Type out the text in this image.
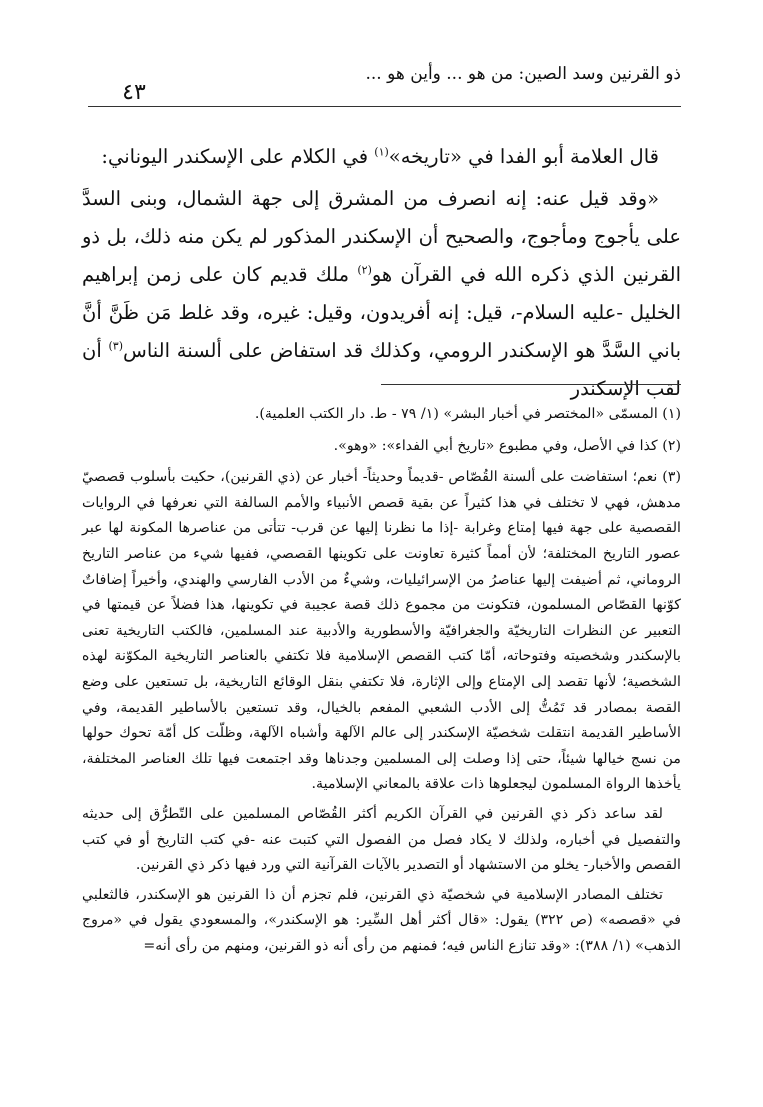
ذو القرنين وسد الصين: من هو ... وأين هو ...
٤٣

قال العلامة أبو الفدا في «تاريخه»$^{(١)}$ في الكلام على الإسكندر اليوناني:

«وقد قيل عنه: إنه انصرف من المشرق إلى جهة الشمال، وبنى السدَّ على يأجوج ومأجوج، والصحيح أن الإسكندر المذكور لم يكن منه ذلك، بل ذو القرنين الذي ذكره الله في القرآن هو$^{(٢)}$ ملك قديم كان على زمن إبراهيم الخليل -عليه السلام-، قيل: إنه أفريدون، وقيل: غيره، وقد غلط مَن ظَنَّ أنَّ باني السَّدَّ هو الإسكندر الرومي، وكذلك قد استفاض على ألسنة الناس$^{(٣)}$ أن لقب الإسكندر

(١) المسمّى «المختصر في أخبار البشر» (١/ ٧٩ - ط. دار الكتب العلمية).

(٢) كذا في الأصل، وفي مطبوع «تاريخ أبي الفداء»: «وهو».

(٣) نعم؛ استفاضت على ألسنة القُصّاص -قديماً وحديثاً- أخبار عن (ذي القرنين)، حكيت بأسلوب قصصيّ مدهش، فهي لا تختلف في هذا كثيراً عن بقية قصص الأنبياء والأمم السالفة التي نعرفها في الروايات القصصية على جهة فيها إمتاع وغرابة -إذا ما نظرنا إليها عن قرب- تتأتى من عناصرها المكونة لها عبر عصور التاريخ المختلفة؛ لأن أمماً كثيرة تعاونت على تكوينها القصصي، ففيها شيء من عناصر التاريخ الروماني، ثم أضيفت إليها عناصرُ من الإسرائيليات، وشيءٌ من الأدب الفارسي والهندي، وأخيراً إضافاتٌ كوّنها القصّاص المسلمون، فتكونت من مجموع ذلك قصة عجيبة في تكوينها، هذا فضلاً عن قيمتها في التعبير عن النظرات التاريخيّة والجغرافيّة والأسطورية والأدبية عند المسلمين، فالكتب التاريخية تعنى بالإسكندر وشخصيته وفتوحاته، أمّا كتب القصص الإسلامية فلا تكتفي بالعناصر التاريخية المكوّنة لهذه الشخصية؛ لأنها تقصد إلى الإمتاع وإلى الإثارة، فلا تكتفي بنقل الوقائع التاريخية، بل تستعين على وضع القصة بمصادر قد تَمُتُّ إلى الأدب الشعبي المفعم بالخيال، وقد تستعين بالأساطير القديمة، وفي الأساطير القديمة انتقلت شخصيّة الإسكندر إلى عالم الآلهة وأشباه الآلهة، وظلّت كل أمّة تحوك حولها من نسج خيالها شيئاً، حتى إذا وصلت إلى المسلمين وجدناها وقد اجتمعت فيها تلك العناصر المختلفة، يأخذها الرواة المسلمون ليجعلوها ذات علاقة بالمعاني الإسلامية.

لقد ساعد ذكر ذي القرنين في القرآن الكريم أكثر القُصّاص المسلمين على التّطرُّق إلى حديثه والتفصيل في أخباره، ولذلك لا يكاد فصل من الفصول التي كتبت عنه -في كتب التاريخ أو في كتب القصص والأخبار- يخلو من الاستشهاد أو التصدير بالآيات القرآنية التي ورد فيها ذكر ذي القرنين.

تختلف المصادر الإسلامية في شخصيّة ذي القرنين، فلم تجزم أن ذا القرنين هو الإسكندر، فالثعلبي في «قصصه» (ص ٣٢٢) يقول: «قال أكثر أهل السِّير: هو الإسكندر»، والمسعودي يقول في «مروج الذهب» (١/ ٣٨٨): «وقد تنازع الناس فيه؛ فمنهم من رأى أنه ذو القرنين، ومنهم من رأى أنه=
